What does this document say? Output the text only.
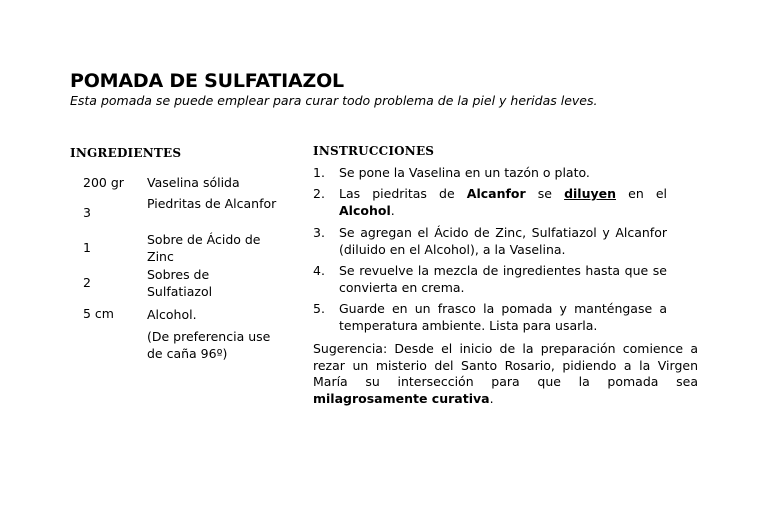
POMADA DE SULFATIAZOL
Esta pomada se puede emplear para curar todo problema de la piel y heridas leves.
INGREDIENTES
200 gr Vaselina sólida
3
Piedritas de Alcanfor
1
Sobre de Ácido de Zinc
2
Sobres de Sulfatiazol
5 cm	Alcohol.
(De preferencia use de caña 96º)
INSTRUCCIONES
1. Se pone la Vaselina en un tazón o plato.
2. Las piedritas de Alcanfor se diluyen en el Alcohol.
3. Se agregan el Ácido de Zinc, Sulfatiazol y Alcanfor (diluido en el Alcohol), a la Vaselina.
4. Se revuelve la mezcla de ingredientes hasta que se convierta en crema.
5. Guarde en un frasco la pomada y manténgase a temperatura ambiente. Lista para usarla.
Sugerencia: Desde el inicio de la preparación comience a rezar un misterio del Santo Rosario, pidiendo a la Virgen María su intersección para que la pomada sea milagrosamente curativa.
